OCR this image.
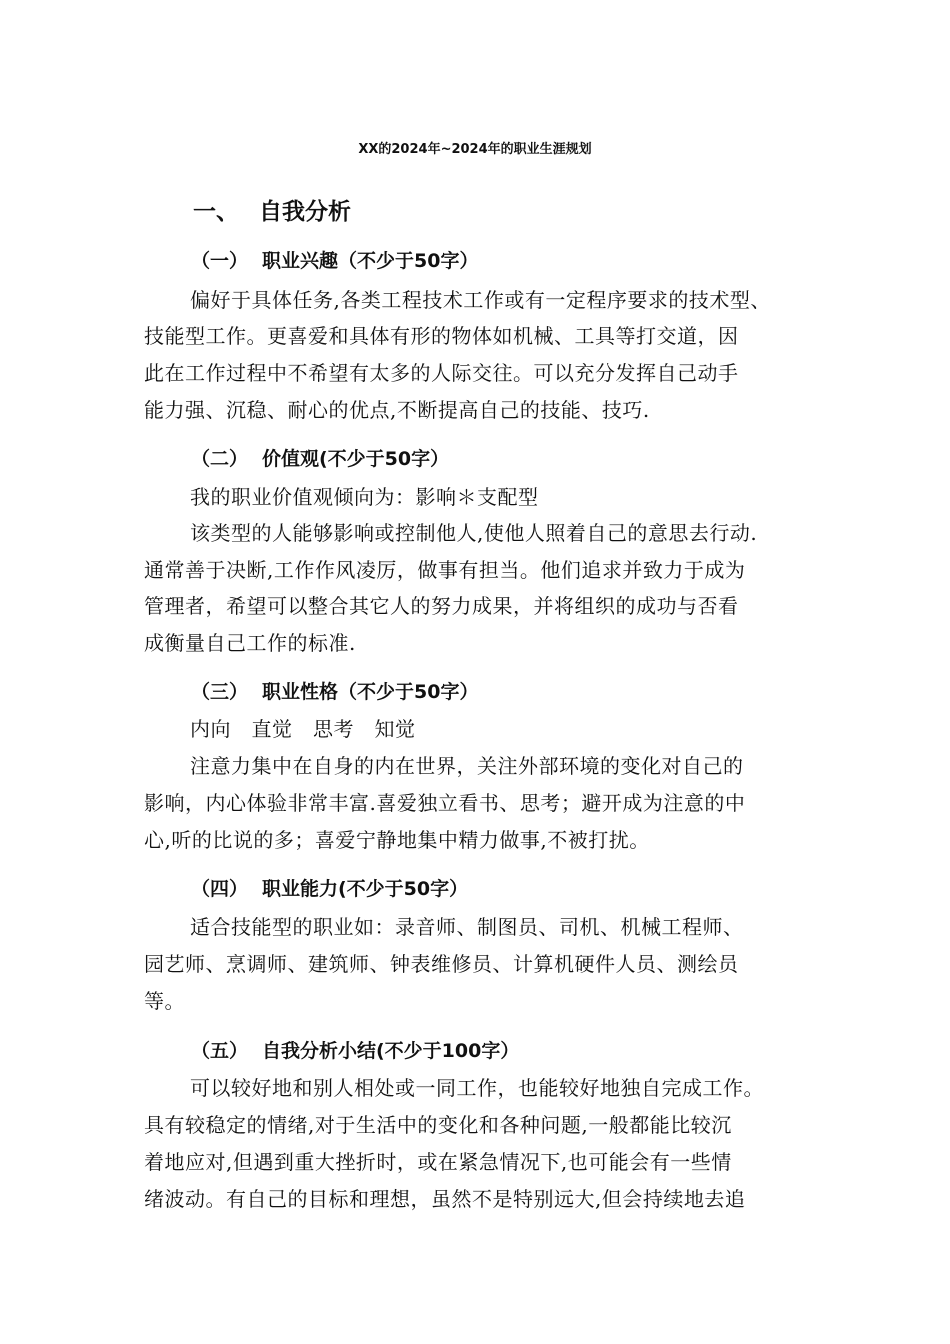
XX的2024年~2024年的职业生涯规划
一、 自我分析
（一） 职业兴趣（不少于50字）
偏好于具体任务,各类工程技术工作或有一定程序要求的技术型、
技能型工作。更喜爱和具体有形的物体如机械、工具等打交道，因
此在工作过程中不希望有太多的人际交往。可以充分发挥自己动手
能力强、沉稳、耐心的优点,不断提高自己的技能、技巧.
（二） 价值观(不少于50字）
我的职业价值观倾向为：影响＊支配型
该类型的人能够影响或控制他人,使他人照着自己的意思去行动.
通常善于决断,工作作风凌厉，做事有担当。他们追求并致力于成为
管理者，希望可以整合其它人的努力成果，并将组织的成功与否看
成衡量自己工作的标准.
（三） 职业性格（不少于50字）
内向　直觉　思考　知觉
注意力集中在自身的内在世界，关注外部环境的变化对自己的
影响，内心体验非常丰富.喜爱独立看书、思考；避开成为注意的中
心,听的比说的多；喜爱宁静地集中精力做事,不被打扰。
（四） 职业能力(不少于50字）
适合技能型的职业如：录音师、制图员、司机、机械工程师、
园艺师、烹调师、建筑师、钟表维修员、计算机硬件人员、测绘员
等。
（五） 自我分析小结(不少于100字）
可以较好地和别人相处或一同工作，也能较好地独自完成工作。
具有较稳定的情绪,对于生活中的变化和各种问题,一般都能比较沉
着地应对,但遇到重大挫折时，或在紧急情况下,也可能会有一些情
绪波动。有自己的目标和理想，虽然不是特别远大,但会持续地去追
